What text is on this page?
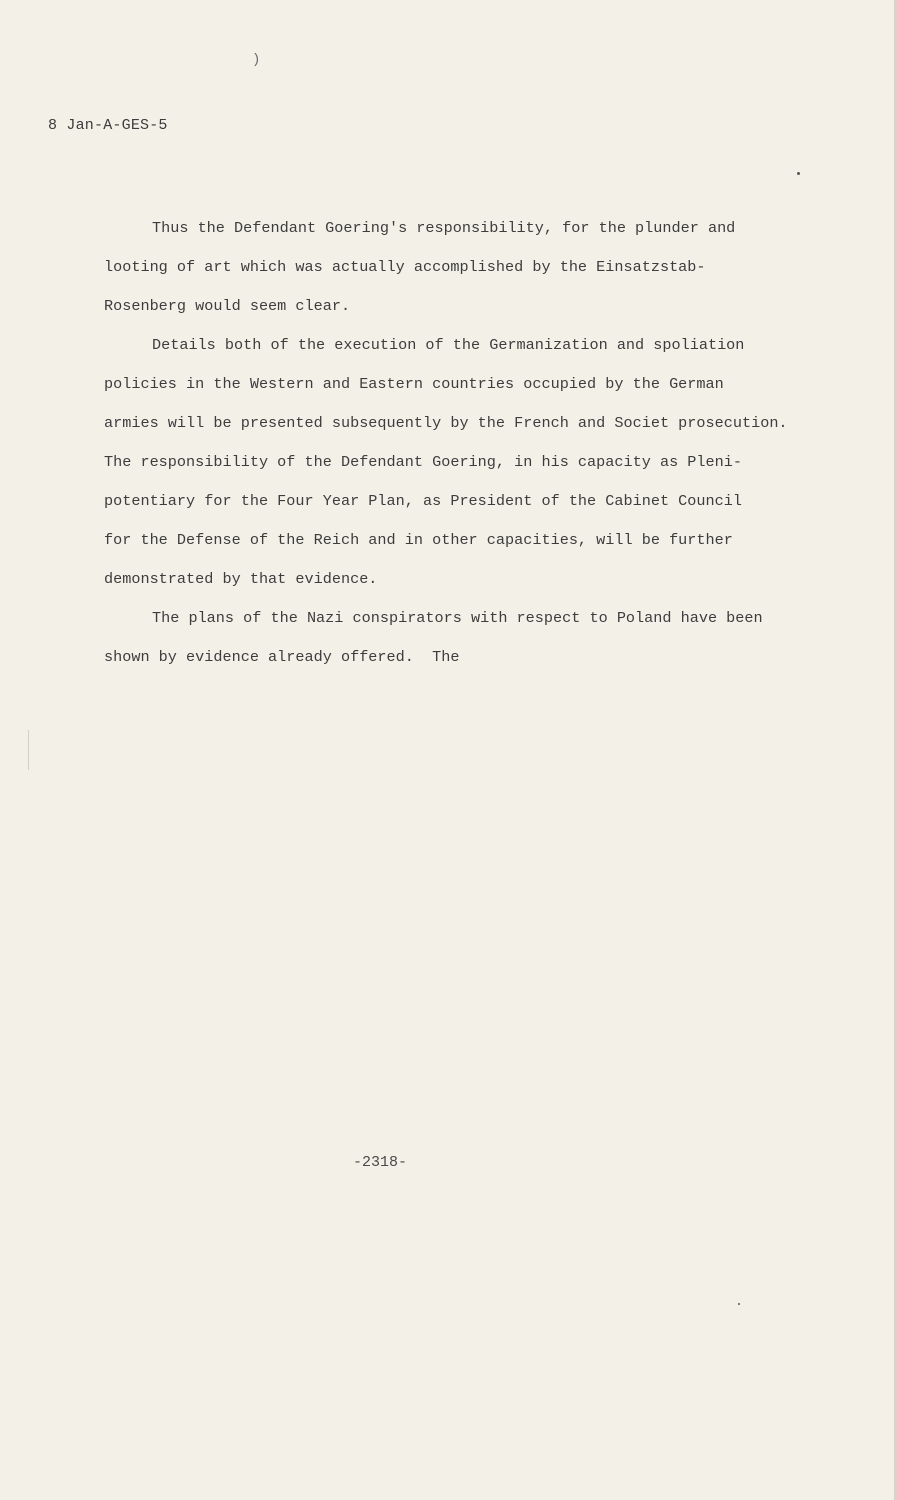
)
8 Jan-A-GES-5
Thus the Defendant Goering's responsibility, for the plunder and
looting of art which was actually accomplished by the Einsatzstab-
Rosenberg would seem clear.
Details both of the execution of the Germanization and spoliation
policies in the Western and Eastern countries occupied by the German
armies will be presented subsequently by the French and Societ prosecution.
The responsibility of the Defendant Goering, in his capacity as Pleni-
potentiary for the Four Year Plan, as President of the Cabinet Council
for the Defense of the Reich and in other capacities, will be further
demonstrated by that evidence.
The plans of the Nazi conspirators with respect to Poland have been
shown by evidence already offered.  The
-2318-
